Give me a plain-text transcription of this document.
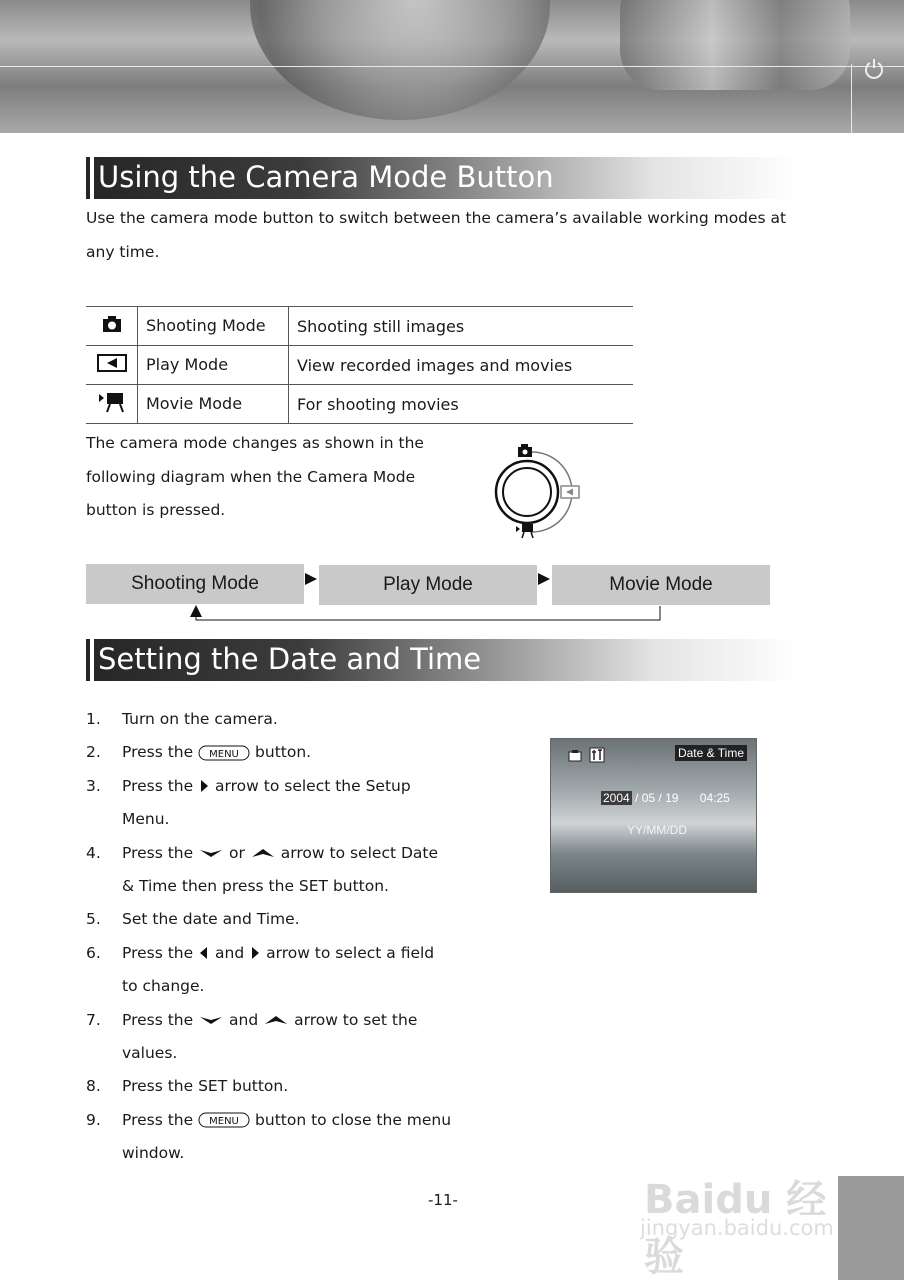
Using the Camera Mode Button
Use the camera mode button to switch between the camera’s available working modes at
any time.
	Shooting Mode	Shooting still images
	Play Mode	View recorded images and movies
	Movie Mode	For shooting movies
The camera mode changes as shown in the
following diagram when the Camera Mode
button is pressed.
Shooting Mode	Play Mode	Movie Mode
Setting the Date and Time
1. Turn on the camera.
2. Press the MENU button.
3. Press the arrow to select the Setup
Menu.
4. Press the or arrow to select Date
& Time then press the SET button.
5. Set the date and Time.
6. Press the and arrow to select a field
to change.
7. Press the and arrow to set the
values.
8. Press the SET button.
9. Press the MENU button to close the menu
window.
Date & Time
2004 / 05 / 19 04:25
YY/MM/DD
-11-	Baidu 经验
jingyan.baidu.com
